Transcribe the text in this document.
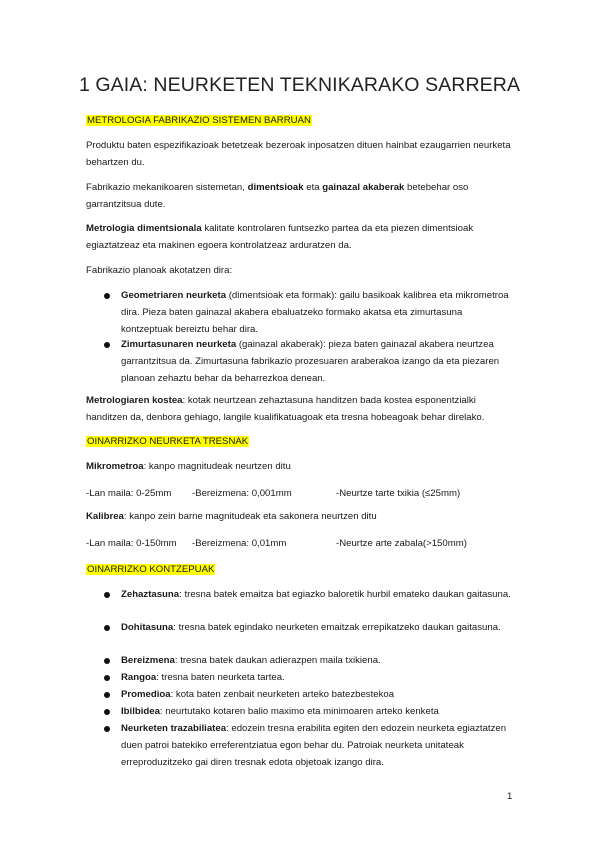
1 GAIA: NEURKETEN TEKNIKARAKO SARRERA
METROLOGIA FABRIKAZIO SISTEMEN BARRUAN

Produktu baten espezifikazioak betetzeak bezeroak inposatzen dituen hainbat ezaugarrien neurketa behartzen du.

Fabrikazio mekanikoaren sistemetan, dimentsioak eta gainazal akaberak betebehar oso garrantzitsua dute.

Metrologia dimentsionala kalitate kontrolaren funtsezko partea da eta piezen dimentsioak egiaztatzeaz eta makinen egoera kontrolatzeaz arduratzen da.

Fabrikazio planoak akotatzen dira:

Geometriaren neurketa (dimentsioak eta formak): gailu basikoak kalibrea eta mikrometroa dira. Pieza baten gainazal akabera ebaluatzeko formako akatsa eta zimurtasuna kontzeptuak bereiztu behar dira.

Zimurtasunaren neurketa (gainazal akaberak): pieza baten gainazal akabera neurtzea garrantzitsua da. Zimurtasuna fabrikazio prozesuaren araberakoa izango da eta piezaren planoan zehaztu behar da beharrezkoa denean.

Metrologiaren kostea: kotak neurtzean zehaztasuna handitzen bada kostea esponentzialki handitzen da, denbora gehiago, langile kualifikatuagoak eta tresna hobeagoak behar direlako.

OINARRIZKO NEURKETA TRESNAK

Mikrometroa: kanpo magnitudeak neurtzen ditu

-Lan maila: 0-25mm -Bereizmena: 0,001mm	-Neurtze tarte txikia (≤25mm)

Kalibrea: kanpo zein barne magnitudeak eta sakonera neurtzen ditu

-Lan maila: 0-150mm -Bereizmena: 0,01mm	-Neurtze arte zabala(>150mm)
OINARRIZKO KONTZEPUAK

Zehaztasuna: tresna batek emaitza bat egiazko baloretik hurbil emateko daukan gaitasuna.

Dohitasuna: tresna batek egindako neurketen emaitzak errepikatzeko daukan gaitasuna.

Bereizmena: tresna batek daukan adierazpen maila txikiena.

Rangoa: tresna baten neurketa tartea.

Promedioa: kota baten zenbait neurketen arteko batezbestekoa

Ibilbidea: neurtutako kotaren balio maximo eta minimoaren arteko kenketa

Neurketen trazabiliatea: edozein tresna erabilita egiten den edozein neurketa egiaztatzen duen patroi batekiko erreferentziatua egon behar du. Patroiak neurketa unitateak erreproduzitzeko gai diren tresnak edota objetoak izango dira.

1
